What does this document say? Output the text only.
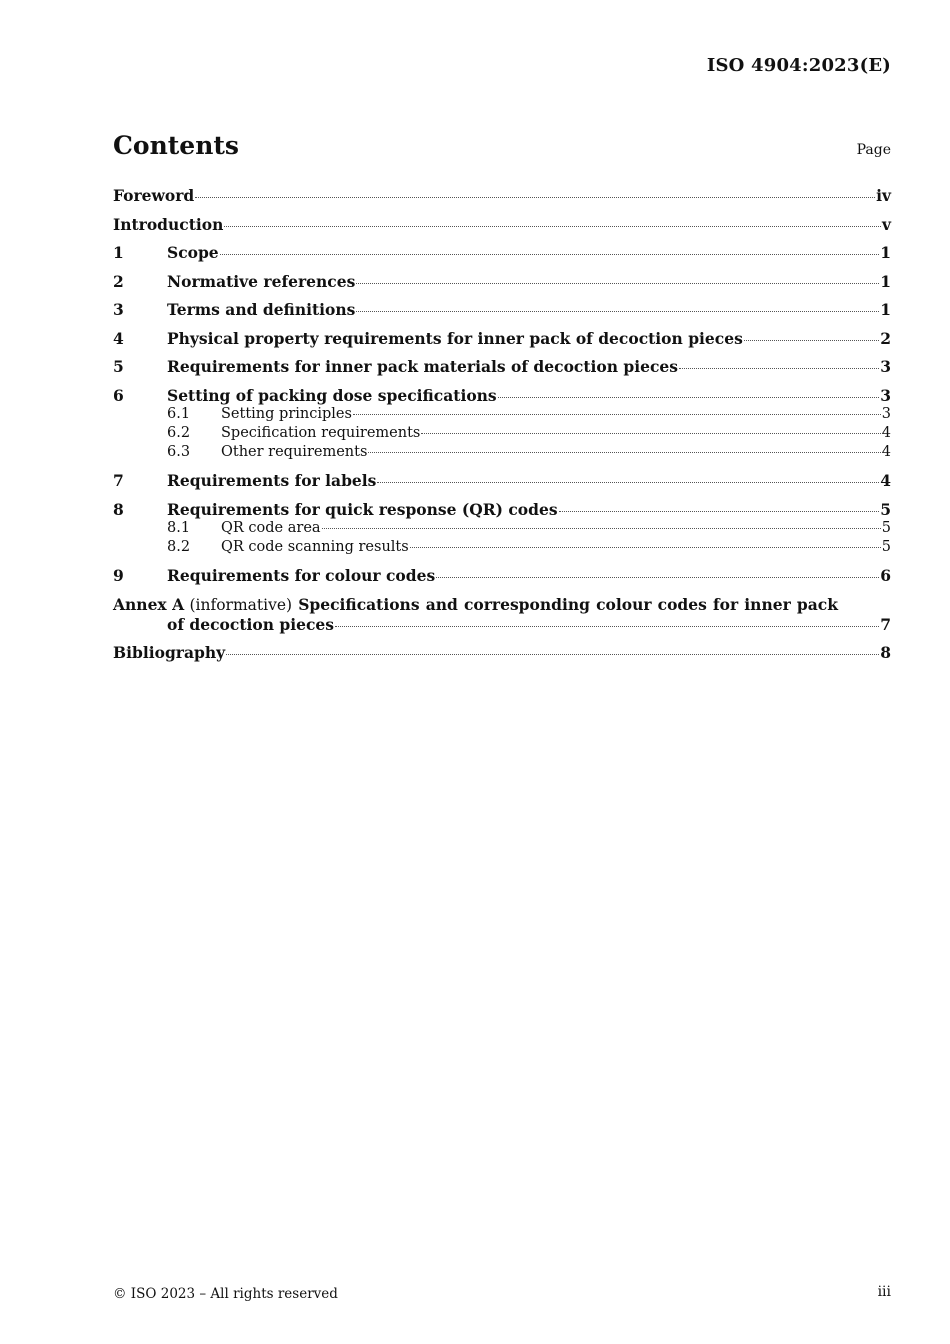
ISO 4904:2023(E)
Contents	Page
Foreword	iv
Introduction	v
1	Scope	1
2	Normative references	1
3	Terms and definitions	1
4	Physical property requirements for inner pack of decoction pieces	2
5	Requirements for inner pack materials of decoction pieces	3
6	Setting of packing dose specifications	3
6.1	Setting principles	3
6.2	Specification requirements	4
6.3	Other requirements	4
7	Requirements for labels	4
8	Requirements for quick response (QR) codes	5
8.1	QR code area	5
8.2	QR code scanning results	5
9	Requirements for colour codes	6
Annex A (informative) Specifications and corresponding colour codes for inner pack
of decoction pieces	7
Bibliography	8
© ISO 2023 – All rights reserved	iii
